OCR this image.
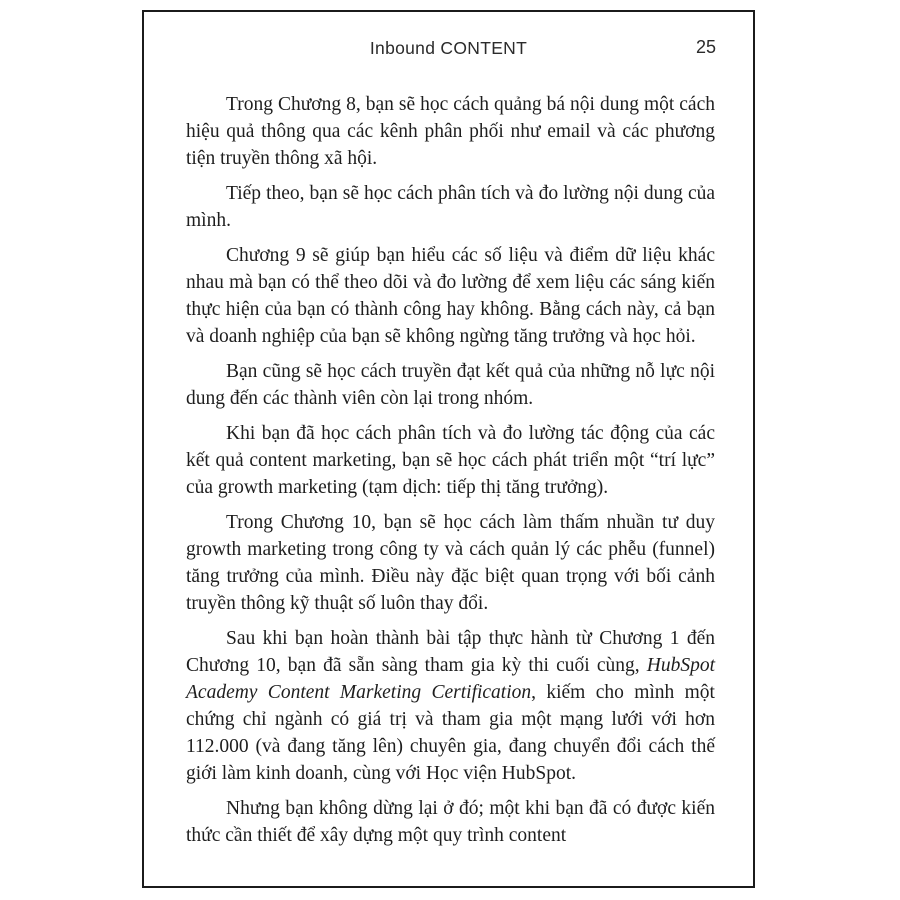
Inbound CONTENT	25

Trong Chương 8, bạn sẽ học cách quảng bá nội dung một cách hiệu quả thông qua các kênh phân phối như email và các phương tiện truyền thông xã hội.

Tiếp theo, bạn sẽ học cách phân tích và đo lường nội dung của mình.

Chương 9 sẽ giúp bạn hiểu các số liệu và điểm dữ liệu khác nhau mà bạn có thể theo dõi và đo lường để xem liệu các sáng kiến thực hiện của bạn có thành công hay không. Bằng cách này, cả bạn và doanh nghiệp của bạn sẽ không ngừng tăng trưởng và học hỏi.

Bạn cũng sẽ học cách truyền đạt kết quả của những nỗ lực nội dung đến các thành viên còn lại trong nhóm.

Khi bạn đã học cách phân tích và đo lường tác động của các kết quả content marketing, bạn sẽ học cách phát triển một “trí lực” của growth marketing (tạm dịch: tiếp thị tăng trưởng).

Trong Chương 10, bạn sẽ học cách làm thấm nhuần tư duy growth marketing trong công ty và cách quản lý các phễu (funnel) tăng trưởng của mình. Điều này đặc biệt quan trọng với bối cảnh truyền thông kỹ thuật số luôn thay đổi.

Sau khi bạn hoàn thành bài tập thực hành từ Chương 1 đến Chương 10, bạn đã sẵn sàng tham gia kỳ thi cuối cùng, HubSpot Academy Content Marketing Certification, kiếm cho mình một chứng chỉ ngành có giá trị và tham gia một mạng lưới với hơn 112.000 (và đang tăng lên) chuyên gia, đang chuyển đổi cách thế giới làm kinh doanh, cùng với Học viện HubSpot.

Nhưng bạn không dừng lại ở đó; một khi bạn đã có được kiến thức cần thiết để xây dựng một quy trình content
